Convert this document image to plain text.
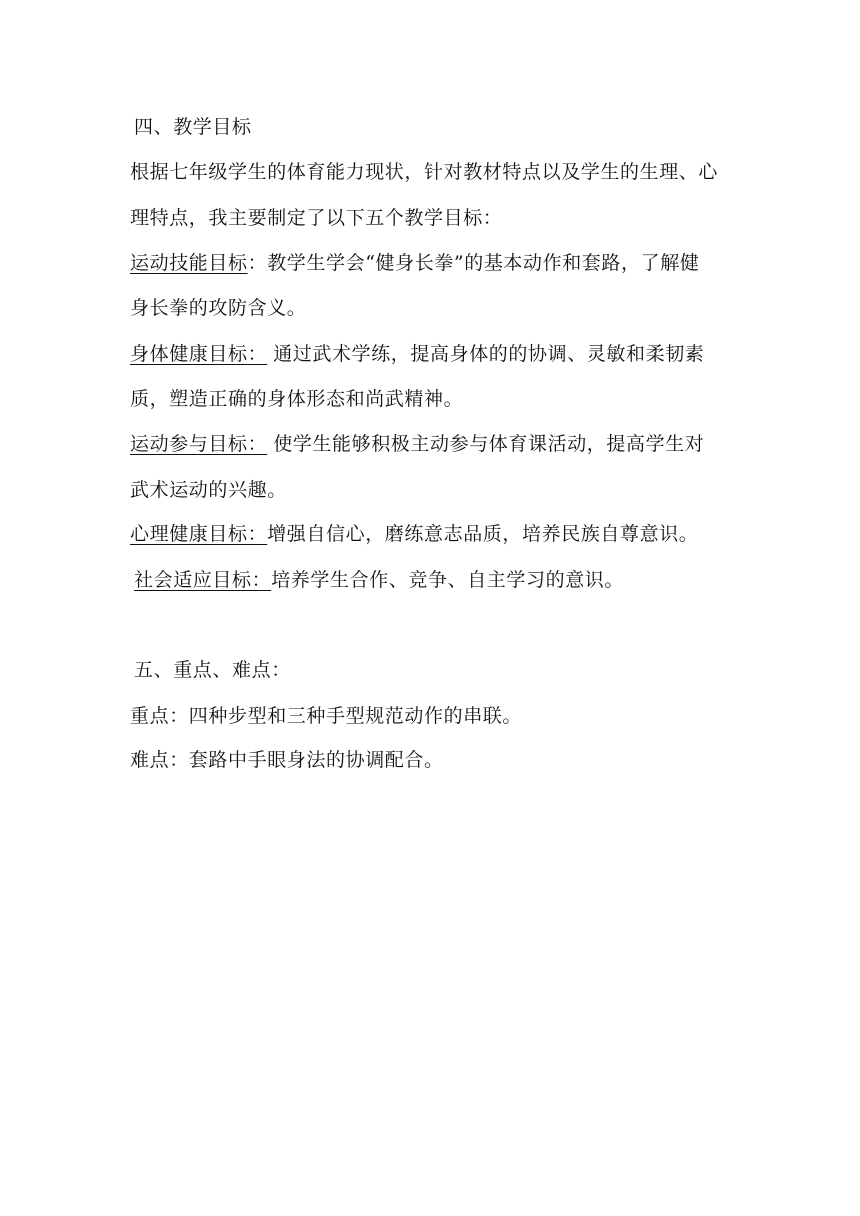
四、教学目标
根据七年级学生的体育能力现状，针对教材特点以及学生的生理、心
理特点，我主要制定了以下五个教学目标：
运动技能目标：教学生学会“健身长拳”的基本动作和套路，了解健
身长拳的攻防含义。
身体健康目标： 通过武术学练，提高身体的的协调、灵敏和柔韧素
质，塑造正确的身体形态和尚武精神。
运动参与目标： 使学生能够积极主动参与体育课活动，提高学生对
武术运动的兴趣。
心理健康目标：增强自信心，磨练意志品质，培养民族自尊意识。
社会适应目标：培养学生合作、竞争、自主学习的意识。
五、重点、难点：
重点：四种步型和三种手型规范动作的串联。
难点：套路中手眼身法的协调配合。
